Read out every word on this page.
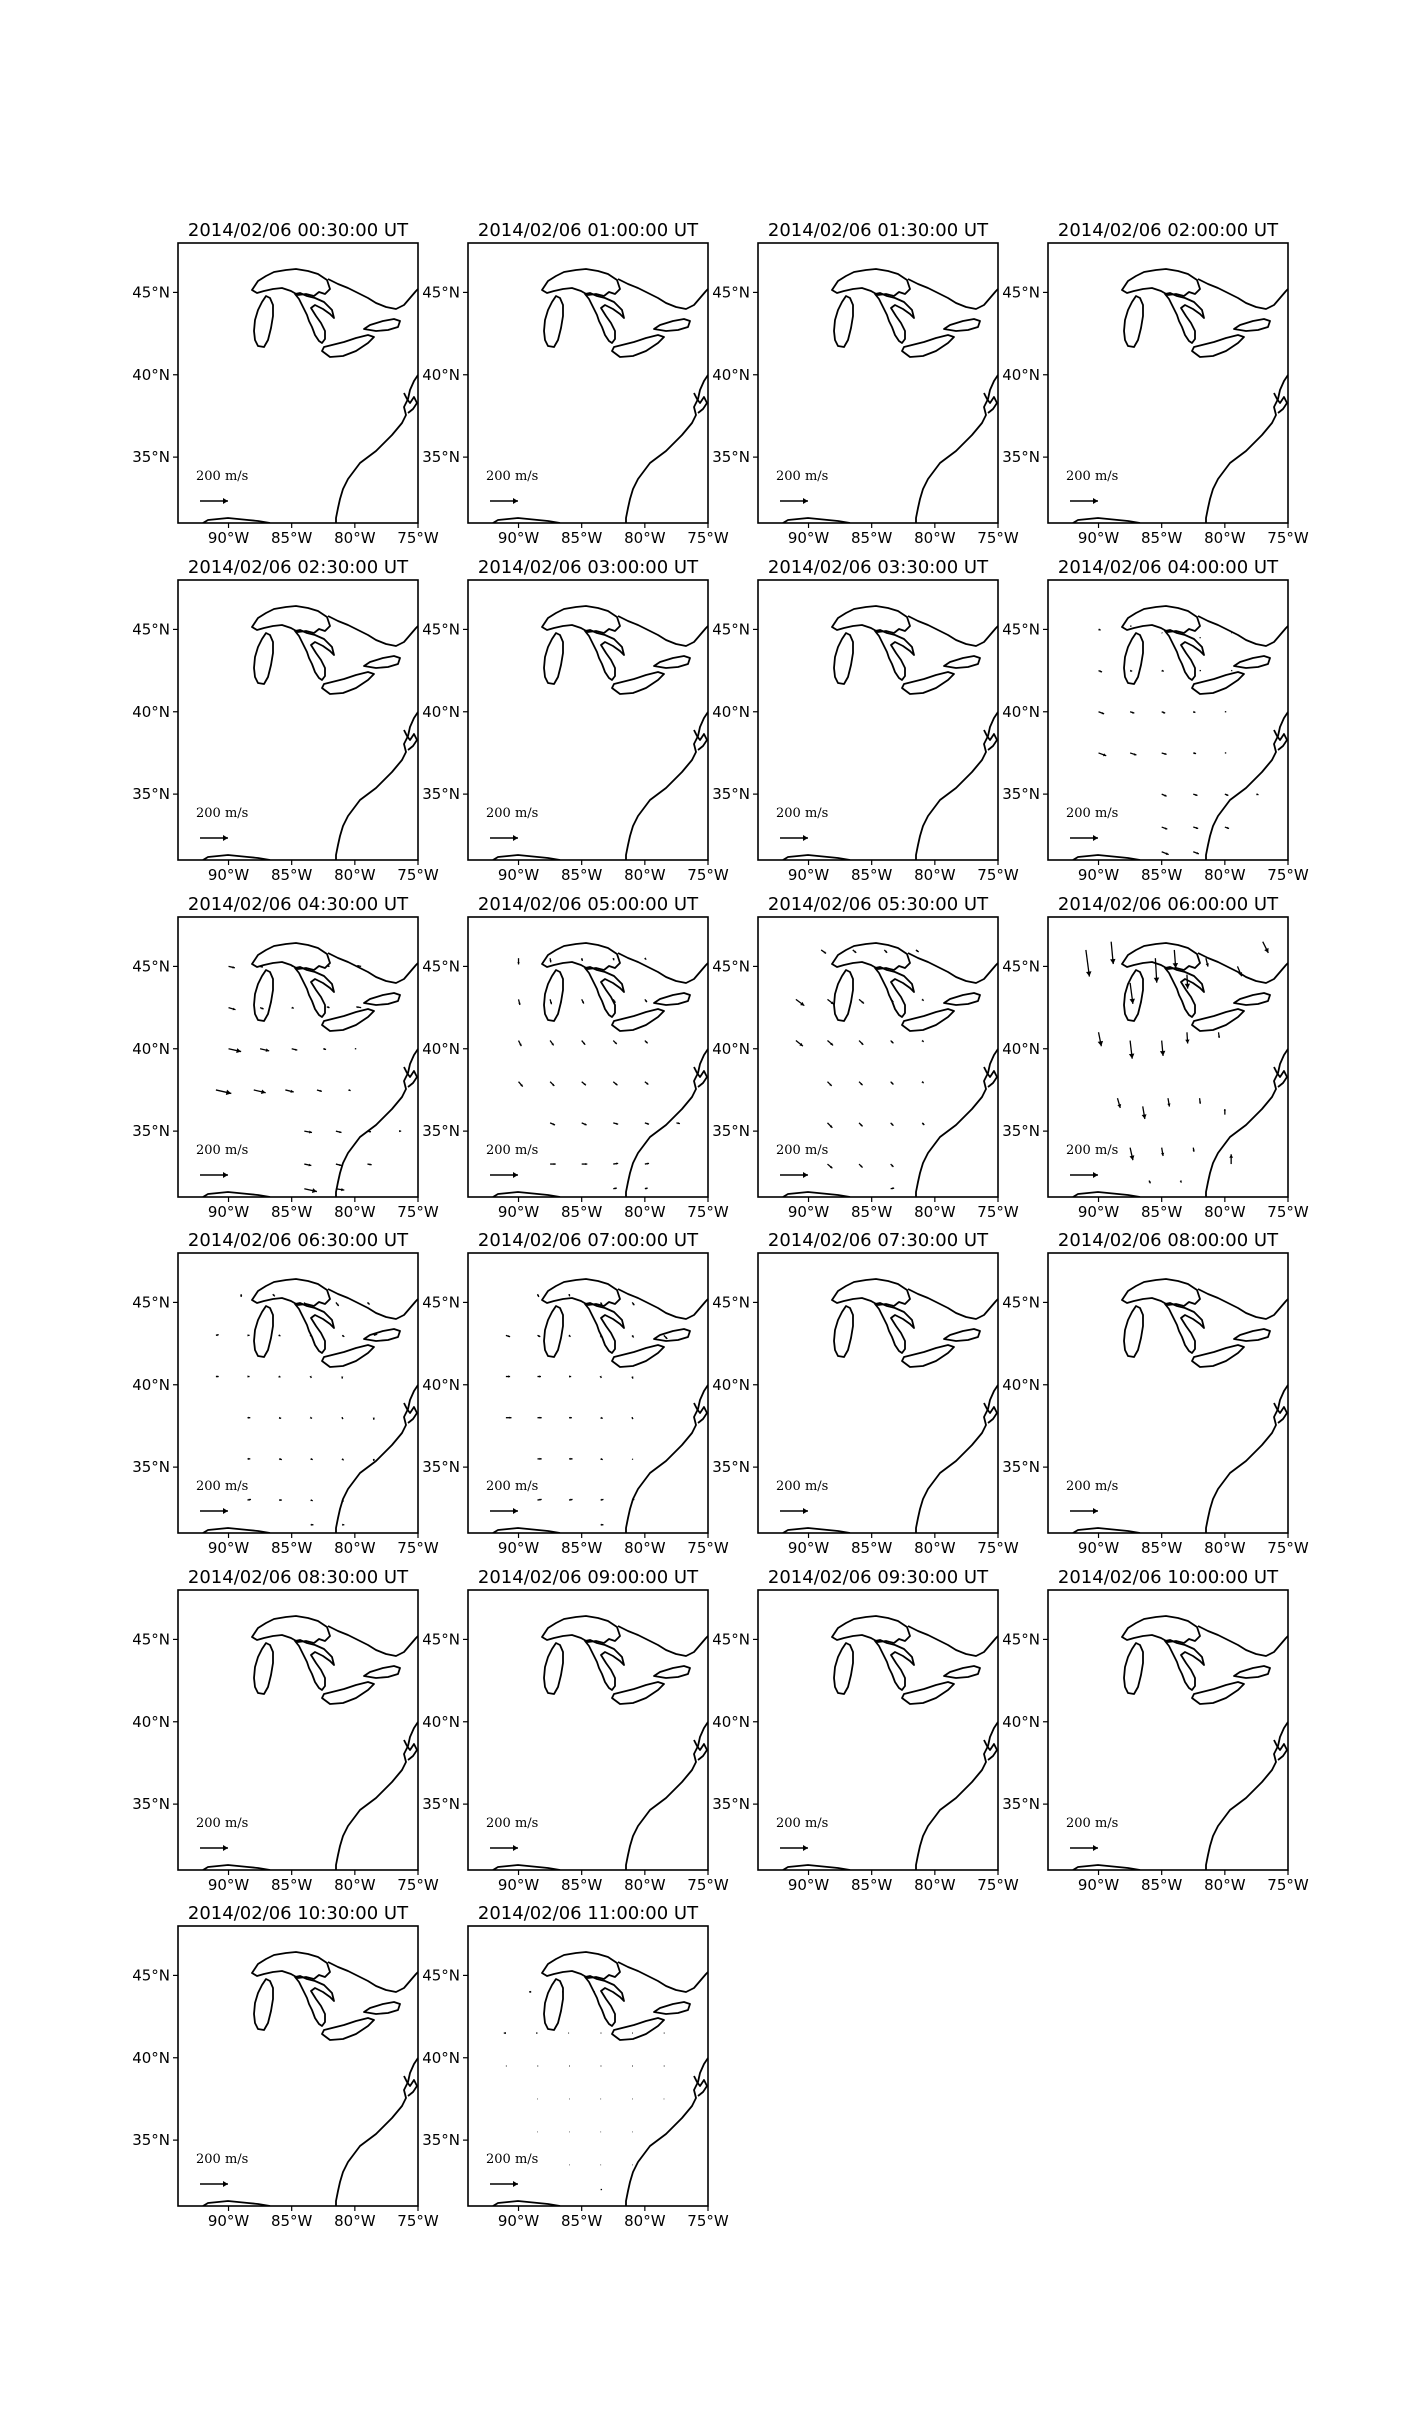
2014/02/06 00:30:00 UT
200 m/s
90°W 85°W 80°W 75°W
45°N
40°N
35°N
2014/02/06 01:00:00 UT
200 m/s
90°W 85°W 80°W 75°W
45°N
40°N
35°N
2014/02/06 01:30:00 UT
200 m/s
90°W 85°W 80°W 75°W
45°N
40°N
35°N
2014/02/06 02:00:00 UT
200 m/s
90°W 85°W 80°W 75°W
45°N
40°N
35°N
2014/02/06 02:30:00 UT
200 m/s
90°W 85°W 80°W 75°W
45°N
40°N
35°N
2014/02/06 03:00:00 UT
200 m/s
90°W 85°W 80°W 75°W
45°N
40°N
35°N
2014/02/06 03:30:00 UT
200 m/s
90°W 85°W 80°W 75°W
45°N
40°N
35°N
2014/02/06 04:00:00 UT
200 m/s
90°W 85°W 80°W 75°W
45°N
40°N
35°N
2014/02/06 04:30:00 UT
200 m/s
90°W 85°W 80°W 75°W
45°N
40°N
35°N
2014/02/06 05:00:00 UT
200 m/s
90°W 85°W 80°W 75°W
45°N
40°N
35°N
2014/02/06 05:30:00 UT
200 m/s
90°W 85°W 80°W 75°W
45°N
40°N
35°N
2014/02/06 06:00:00 UT
200 m/s
90°W 85°W 80°W 75°W
45°N
40°N
35°N
2014/02/06 06:30:00 UT
200 m/s
90°W 85°W 80°W 75°W
45°N
40°N
35°N
2014/02/06 07:00:00 UT
200 m/s
90°W 85°W 80°W 75°W
45°N
40°N
35°N
2014/02/06 07:30:00 UT
200 m/s
90°W 85°W 80°W 75°W
45°N
40°N
35°N
2014/02/06 08:00:00 UT
200 m/s
90°W 85°W 80°W 75°W
45°N
40°N
35°N
2014/02/06 08:30:00 UT
200 m/s
90°W 85°W 80°W 75°W
45°N
40°N
35°N
2014/02/06 09:00:00 UT
200 m/s
90°W 85°W 80°W 75°W
45°N
40°N
35°N
2014/02/06 09:30:00 UT
200 m/s
90°W 85°W 80°W 75°W
45°N
40°N
35°N
2014/02/06 10:00:00 UT
200 m/s
90°W 85°W 80°W 75°W
45°N
40°N
35°N
2014/02/06 10:30:00 UT
200 m/s
90°W 85°W 80°W 75°W
45°N
40°N
35°N
2014/02/06 11:00:00 UT
200 m/s
90°W 85°W 80°W 75°W
45°N
40°N
35°N
